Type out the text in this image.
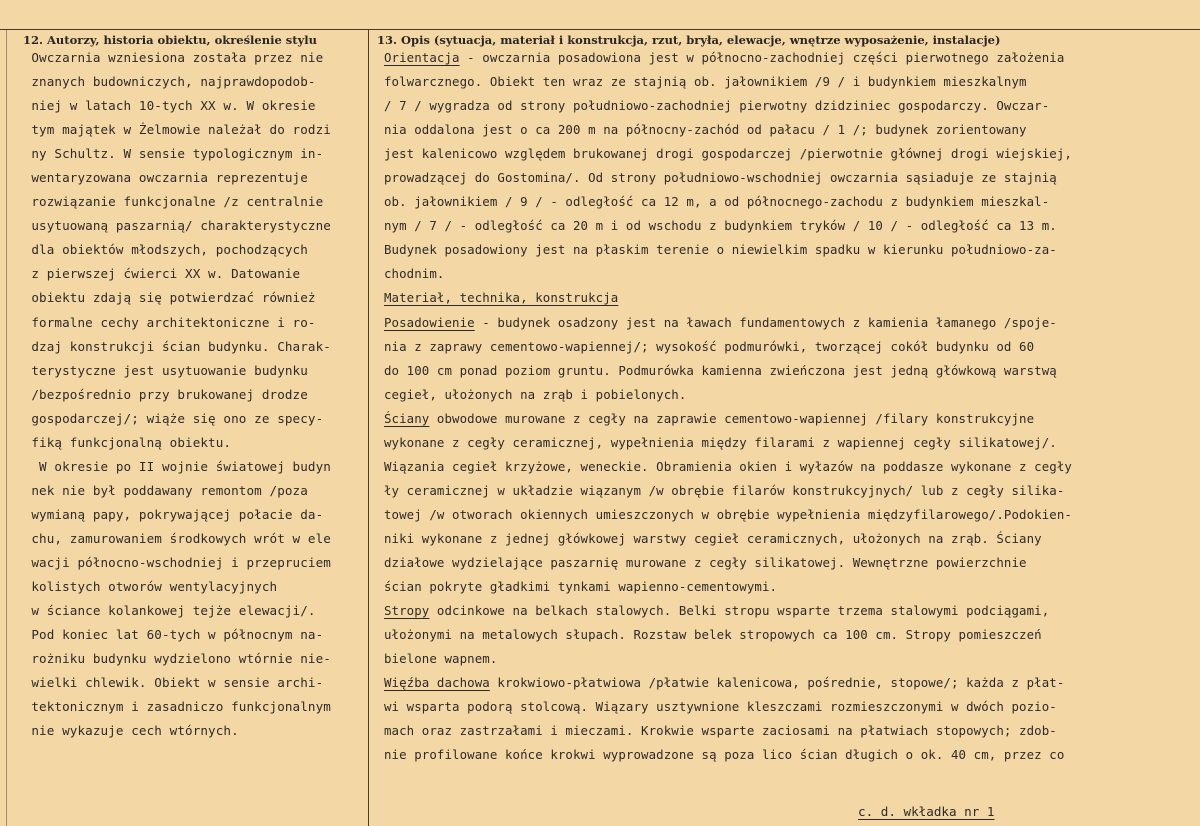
12. Autorzy, historia obiektu, określenie stylu	13. Opis (sytuacja, materiał i konstrukcja, rzut, bryła, elewacje, wnętrze wyposażenie, instalacje)
Owczarnia wzniesiona została przez nie
znanych budowniczych, najprawdopodob-
niej w latach 10-tych XX w. W okresie
tym majątek w Żelmowie należał do rodzi
ny Schultz. W sensie typologicznym in-
wentaryzowana owczarnia reprezentuje
rozwiązanie funkcjonalne /z centralnie
usytuowaną paszarnią/ charakterystyczne
dla obiektów młodszych, pochodzących
z pierwszej ćwierci XX w. Datowanie
obiektu zdają się potwierdzać również
formalne cechy architektoniczne i ro-
dzaj konstrukcji ścian budynku. Charak-
terystyczne jest usytuowanie budynku
/bezpośrednio przy brukowanej drodze
gospodarczej/; wiąże się ono ze specy-
fiką funkcjonalną obiektu.
W okresie po II wojnie światowej budyn
nek nie był poddawany remontom /poza
wymianą papy, pokrywającej połacie da-
chu, zamurowaniem środkowych wrót w ele
wacji północno-wschodniej i przepruciem
kolistych otworów wentylacyjnych
w ściance kolankowej tejże elewacji/.
Pod koniec lat 60-tych w północnym na-
rożniku budynku wydzielono wtórnie nie-
wielki chlewik. Obiekt w sensie archi-
tektonicznym i zasadniczo funkcjonalnym
nie wykazuje cech wtórnych.
Orientacja - owczarnia posadowiona jest w północno-zachodniej części pierwotnego założenia
folwarcznego. Obiekt ten wraz ze stajnią ob. jałownikiem /9 / i budynkiem mieszkalnym
/ 7 / wygradza od strony południowo-zachodniej pierwotny dzidziniec gospodarczy. Owczar-
nia oddalona jest o ca 200 m na północny-zachód od pałacu / 1 /; budynek zorientowany
jest kalenicowo względem brukowanej drogi gospodarczej /pierwotnie głównej drogi wiejskiej,
prowadzącej do Gostomina/. Od strony południowo-wschodniej owczarnia sąsiaduje ze stajnią
ob. jałownikiem / 9 / - odległość ca 12 m, a od północnego-zachodu z budynkiem mieszkal-
nym / 7 / - odległość ca 20 m i od wschodu z budynkiem tryków / 10 / - odległość ca 13 m.
Budynek posadowiony jest na płaskim terenie o niewielkim spadku w kierunku południowo-za-
chodnim.
Materiał, technika, konstrukcja
Posadowienie - budynek osadzony jest na ławach fundamentowych z kamienia łamanego /spoje-
nia z zaprawy cementowo-wapiennej/; wysokość podmurówki, tworzącej cokół budynku od 60
do 100 cm ponad poziom gruntu. Podmurówka kamienna zwieńczona jest jedną główkową warstwą
cegieł, ułożonych na zrąb i pobielonych.
Ściany obwodowe murowane z cegły na zaprawie cementowo-wapiennej /filary konstrukcyjne
wykonane z cegły ceramicznej, wypełnienia między filarami z wapiennej cegły silikatowej/.
Wiązania cegieł krzyżowe, weneckie. Obramienia okien i wyłazów na poddasze wykonane z cegły
ły ceramicznej w układzie wiązanym /w obrębie filarów konstrukcyjnych/ lub z cegły silika-
towej /w otworach okiennych umieszczonych w obrębie wypełnienia międzyfilarowego/.Podokien-
niki wykonane z jednej główkowej warstwy cegieł ceramicznych, ułożonych na zrąb. Ściany
działowe wydzielające paszarnię murowane z cegły silikatowej. Wewnętrzne powierzchnie
ścian pokryte gładkimi tynkami wapienno-cementowymi.
Stropy odcinkowe na belkach stalowych. Belki stropu wsparte trzema stalowymi podciągami,
ułożonymi na metalowych słupach. Rozstaw belek stropowych ca 100 cm. Stropy pomieszczeń
bielone wapnem.
Więźba dachowa krokwiowo-płatwiowa /płatwie kalenicowa, pośrednie, stopowe/; każda z płat-
wi wsparta podorą stolcową. Wiązary usztywnione kleszczami rozmieszczonymi w dwóch pozio-
mach oraz zastrzałami i mieczami. Krokwie wsparte zaciosami na płatwiach stopowych; zdob-
nie profilowane końce krokwi wyprowadzone są poza lico ścian długich o ok. 40 cm, przez co
c. d. wkładka nr 1
